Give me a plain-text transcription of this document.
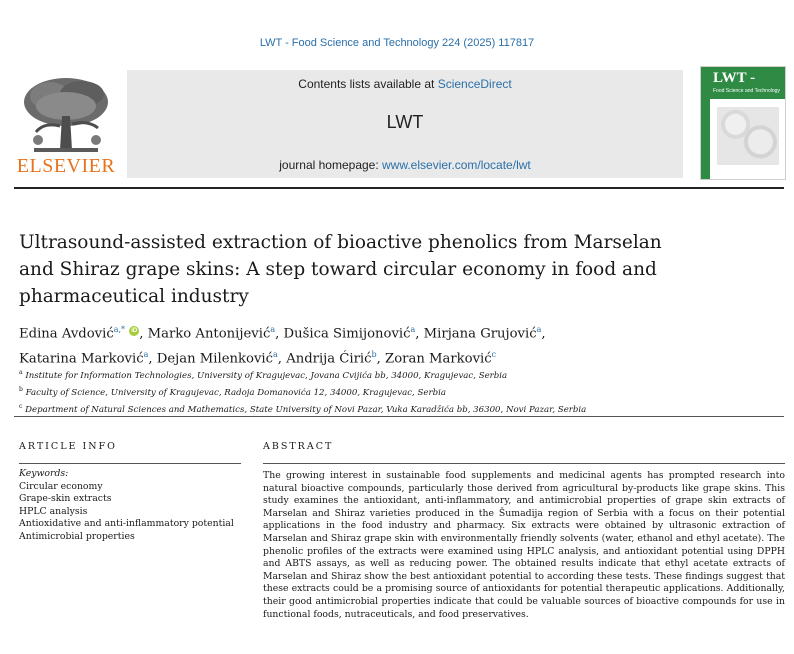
LWT - Food Science and Technology 224 (2025) 117817
ELSEVIER
Contents lists available at ScienceDirect
LWT
journal homepage: www.elsevier.com/locate/lwt
LWT -
Food Science and Technology
Ultrasound-assisted extraction of bioactive phenolics from Marselan and Shiraz grape skins: A step toward circular economy in food and pharmaceutical industry
Edina Avdović$^{a,*}$ iD , Marko Antonijević$^a$, Dušica Simijonović$^a$, Mirjana Grujović$^a$,
Katarina Marković$^a$, Dejan Milenković$^a$, Andrija Ćirić$^b$, Zoran Marković$^c$
$^a$ Institute for Information Technologies, University of Kragujevac, Jovana Cvijića bb, 34000, Kragujevac, Serbia
$^b$ Faculty of Science, University of Kragujevac, Radoja Domanovića 12, 34000, Kragujevac, Serbia
$^c$ Department of Natural Sciences and Mathematics, State University of Novi Pazar, Vuka Karadžića bb, 36300, Novi Pazar, Serbia
ARTICLE INFO	ABSTRACT
Keywords:
Circular economy
Grape-skin extracts
HPLC analysis
Antioxidative and anti-inflammatory potential
Antimicrobial properties
The growing interest in sustainable food supplements and medicinal agents has prompted research into natural bioactive compounds, particularly those derived from agricultural by-products like grape skins. This study examines the antioxidant, anti-inflammatory, and antimicrobial properties of grape skin extracts of Marselan and Shiraz varieties produced in the Šumadija region of Serbia with a focus on their potential applications in the food industry and pharmacy. Six extracts were obtained by ultrasonic extraction of Marselan and Shiraz grape skin with environmentally friendly solvents (water, ethanol and ethyl acetate). The phenolic profiles of the extracts were examined using HPLC analysis, and antioxidant potential using DPPH and ABTS assays, as well as reducing power. The obtained results indicate that ethyl acetate extracts of Marselan and Shiraz show the best antioxidant potential to according these tests. These findings suggest that these extracts could be a promising source of antioxidants for potential therapeutic applications. Additionally, their good antimicrobial properties indicate that could be valuable sources of bioactive compounds for use in functional foods, nutraceuticals, and food preservatives.
